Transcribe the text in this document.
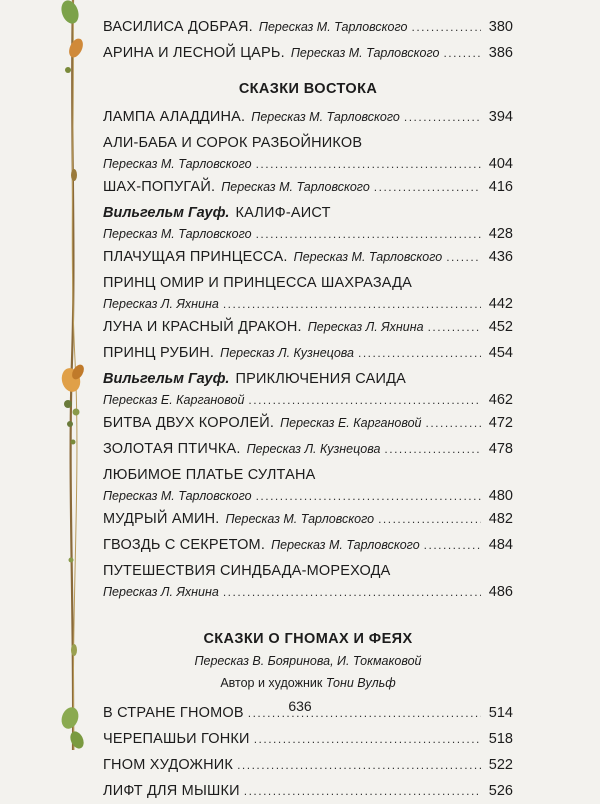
ВАСИЛИСА ДОБРАЯ. Пересказ М. Тарловского .....	380
АРИНА И ЛЕСНОЙ ЦАРЬ. Пересказ М. Тарловского .....	386
СКАЗКИ ВОСТОКА
ЛАМПА АЛАДДИНА. Пересказ М. Тарловского .....	394
АЛИ-БАБА И СОРОК РАЗБОЙНИКОВ
Пересказ М. Тарловского .....	404
ШАХ-ПОПУГАЙ. Пересказ М. Тарловского .....	416
Вильгельм Гауф. КАЛИФ-АИСТ
Пересказ М. Тарловского .....	428
ПЛАЧУЩАЯ ПРИНЦЕССА. Пересказ М. Тарловского .....	436
ПРИНЦ ОМИР И ПРИНЦЕССА ШАХРАЗАДА
Пересказ Л. Яхнина .....	442
ЛУНА И КРАСНЫЙ ДРАКОН. Пересказ Л. Яхнина .....	452
ПРИНЦ РУБИН. Пересказ Л. Кузнецова .....	454
Вильгельм Гауф. ПРИКЛЮЧЕНИЯ САИДА
Пересказ Е. Каргановой .....	462
БИТВА ДВУХ КОРОЛЕЙ. Пересказ Е. Каргановой .....	472
ЗОЛОТАЯ ПТИЧКА. Пересказ Л. Кузнецова .....	478
ЛЮБИМОЕ ПЛАТЬЕ СУЛТАНА
Пересказ М. Тарловского .....	480
МУДРЫЙ АМИН. Пересказ М. Тарловского .....	482
ГВОЗДЬ С СЕКРЕТОМ. Пересказ М. Тарловского .....	484
ПУТЕШЕСТВИЯ СИНДБАДА-МОРЕХОДА
Пересказ Л. Яхнина .....	486
СКАЗКИ О ГНОМАХ И ФЕЯХ
Пересказ В. Бояринова, И. Токмаковой
Автор и художник Тони Вульф
В СТРАНЕ ГНОМОВ .....	514
ЧЕРЕПАШЬИ ГОНКИ .....	518
ГНОМ ХУДОЖНИК .....	522
ЛИФТ ДЛЯ МЫШКИ .....	526
636
